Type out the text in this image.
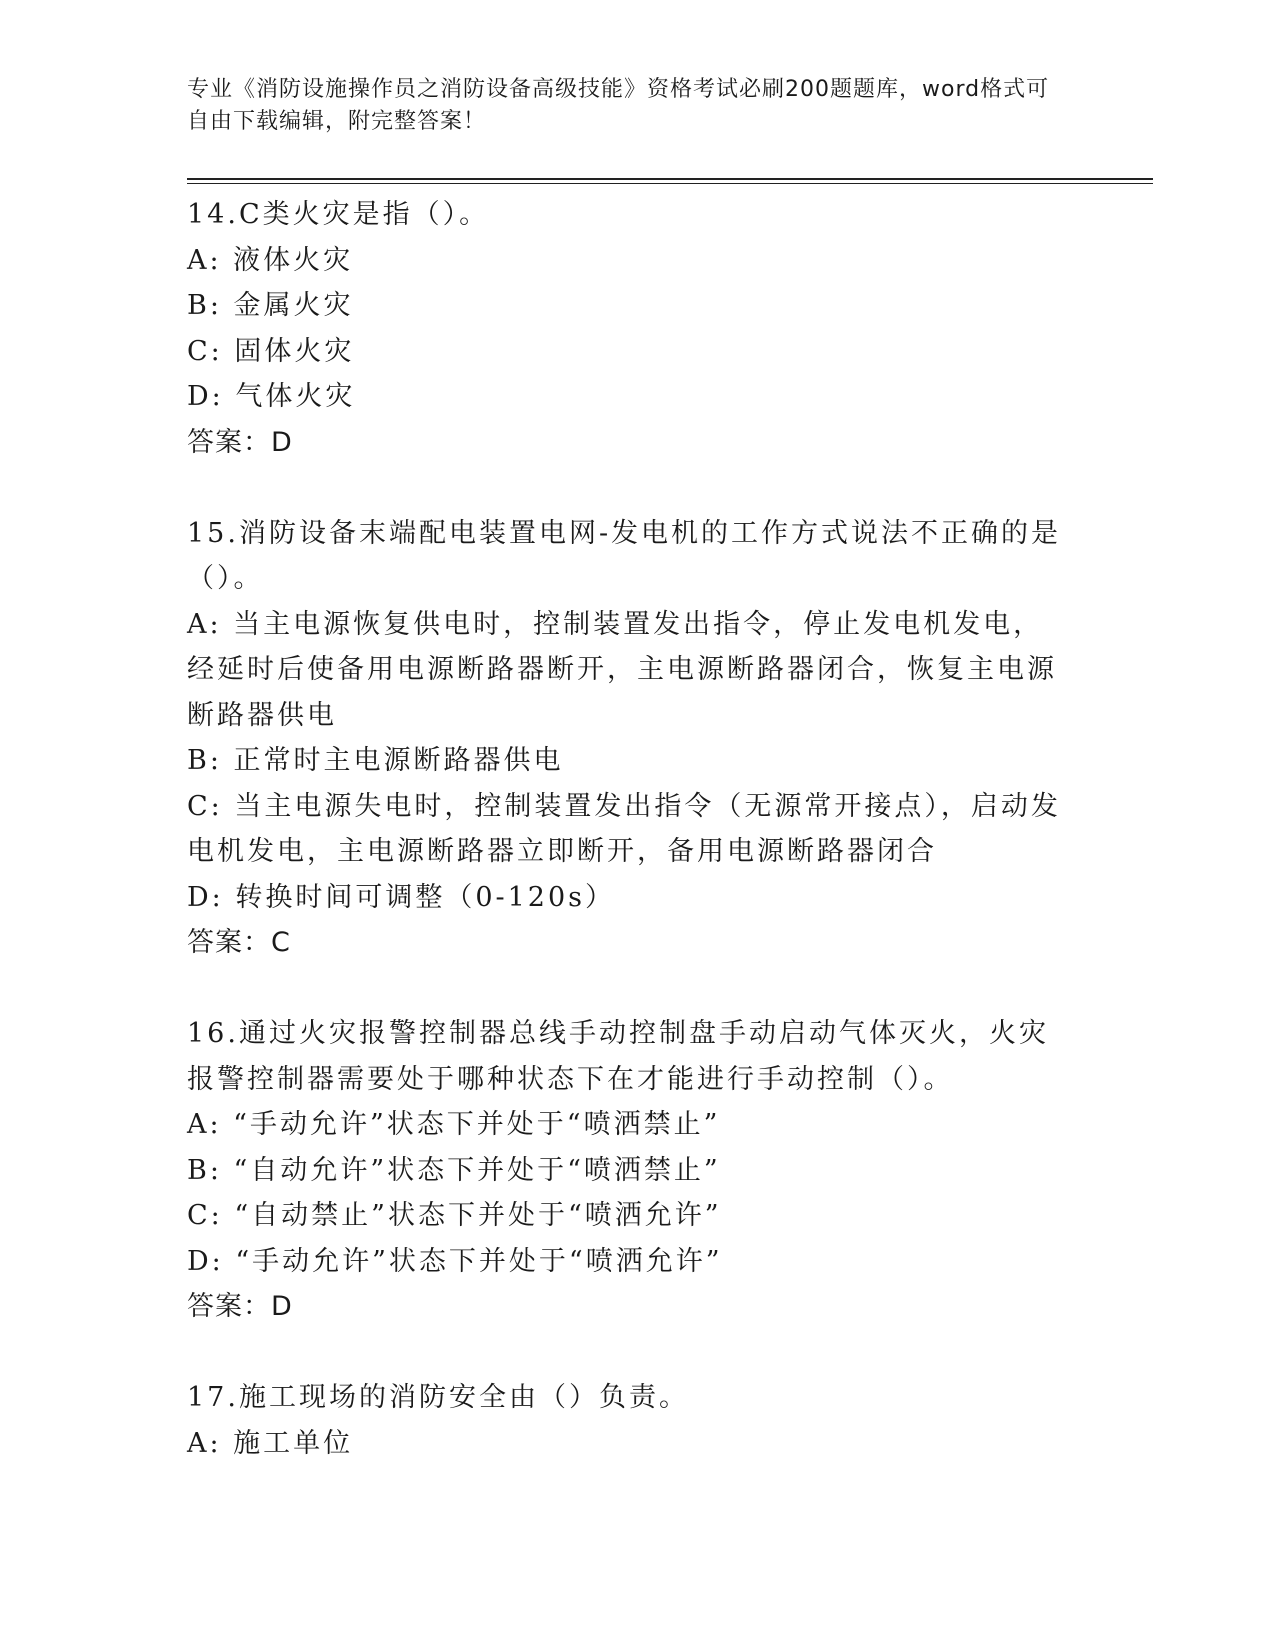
专业《消防设施操作员之消防设备高级技能》资格考试必刷200题题库，word格式可自由下载编辑，附完整答案！

14.C类火灾是指（）。

A: 液体火灾

B: 金属火灾

C: 固体火灾

D: 气体火灾

答案：D

15.消防设备末端配电装置电网-发电机的工作方式说法不正确的是（）。

A: 当主电源恢复供电时，控制装置发出指令，停止发电机发电，经延时后使备用电源断路器断开，主电源断路器闭合，恢复主电源断路器供电

B: 正常时主电源断路器供电

C: 当主电源失电时，控制装置发出指令（无源常开接点），启动发电机发电，主电源断路器立即断开，备用电源断路器闭合

D: 转换时间可调整（0-120s）

答案：C

16.通过火灾报警控制器总线手动控制盘手动启动气体灭火，火灾报警控制器需要处于哪种状态下在才能进行手动控制（）。

A: “手动允许”状态下并处于“喷洒禁止”

B: “自动允许”状态下并处于“喷洒禁止”

C: “自动禁止”状态下并处于“喷洒允许”

D: “手动允许”状态下并处于“喷洒允许”

答案：D

17.施工现场的消防安全由（）负责。

A: 施工单位
